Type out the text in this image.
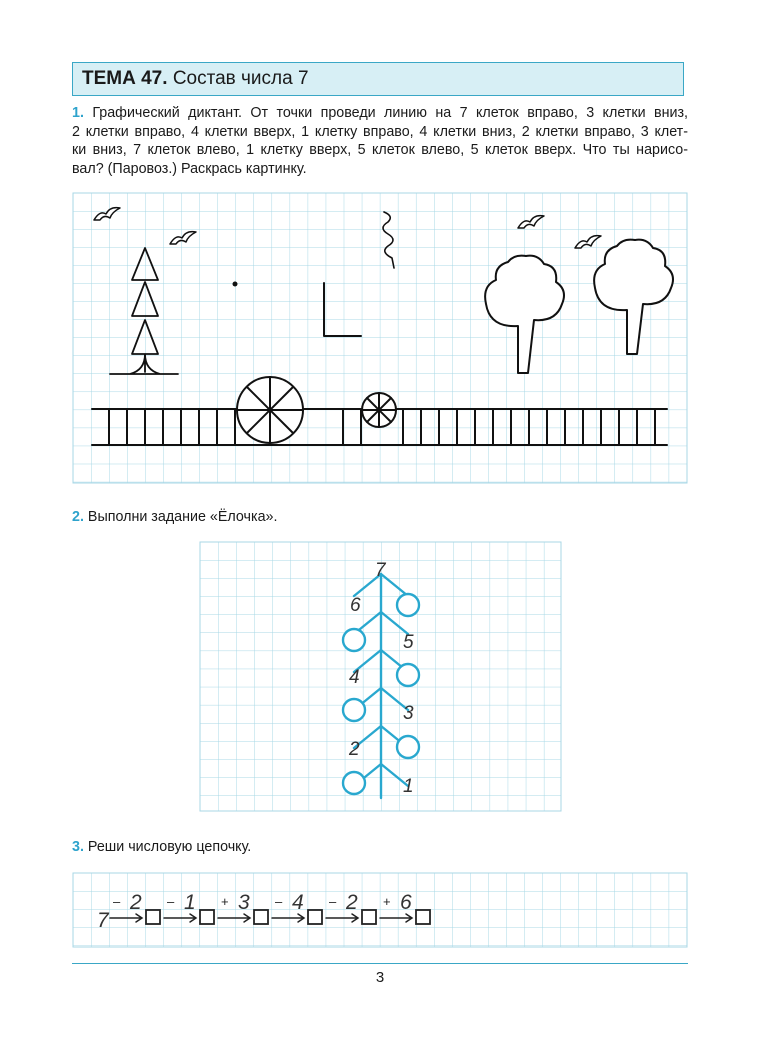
ТЕМА 47. Состав числа 7
1. Графический диктант. От точки проведи линию на 7 клеток вправо, 3 клетки вниз,
2 клетки вправо, 4 клетки вверх, 1 клетку вправо, 4 клетки вниз, 2 клетки вправо, 3 клет-
ки вниз, 7 клеток влево, 1 клетку вверх, 5 клеток влево, 5 клеток вверх. Что ты нарисо-
вал? (Паровоз.) Раскрась картинку.
2. Выполни задание «Ёлочка».
7
6
5
4
3
2
1
3. Реши числовую цепочку.
7
– 2 – 1 + 3 – 4 – 2 + 6
3
